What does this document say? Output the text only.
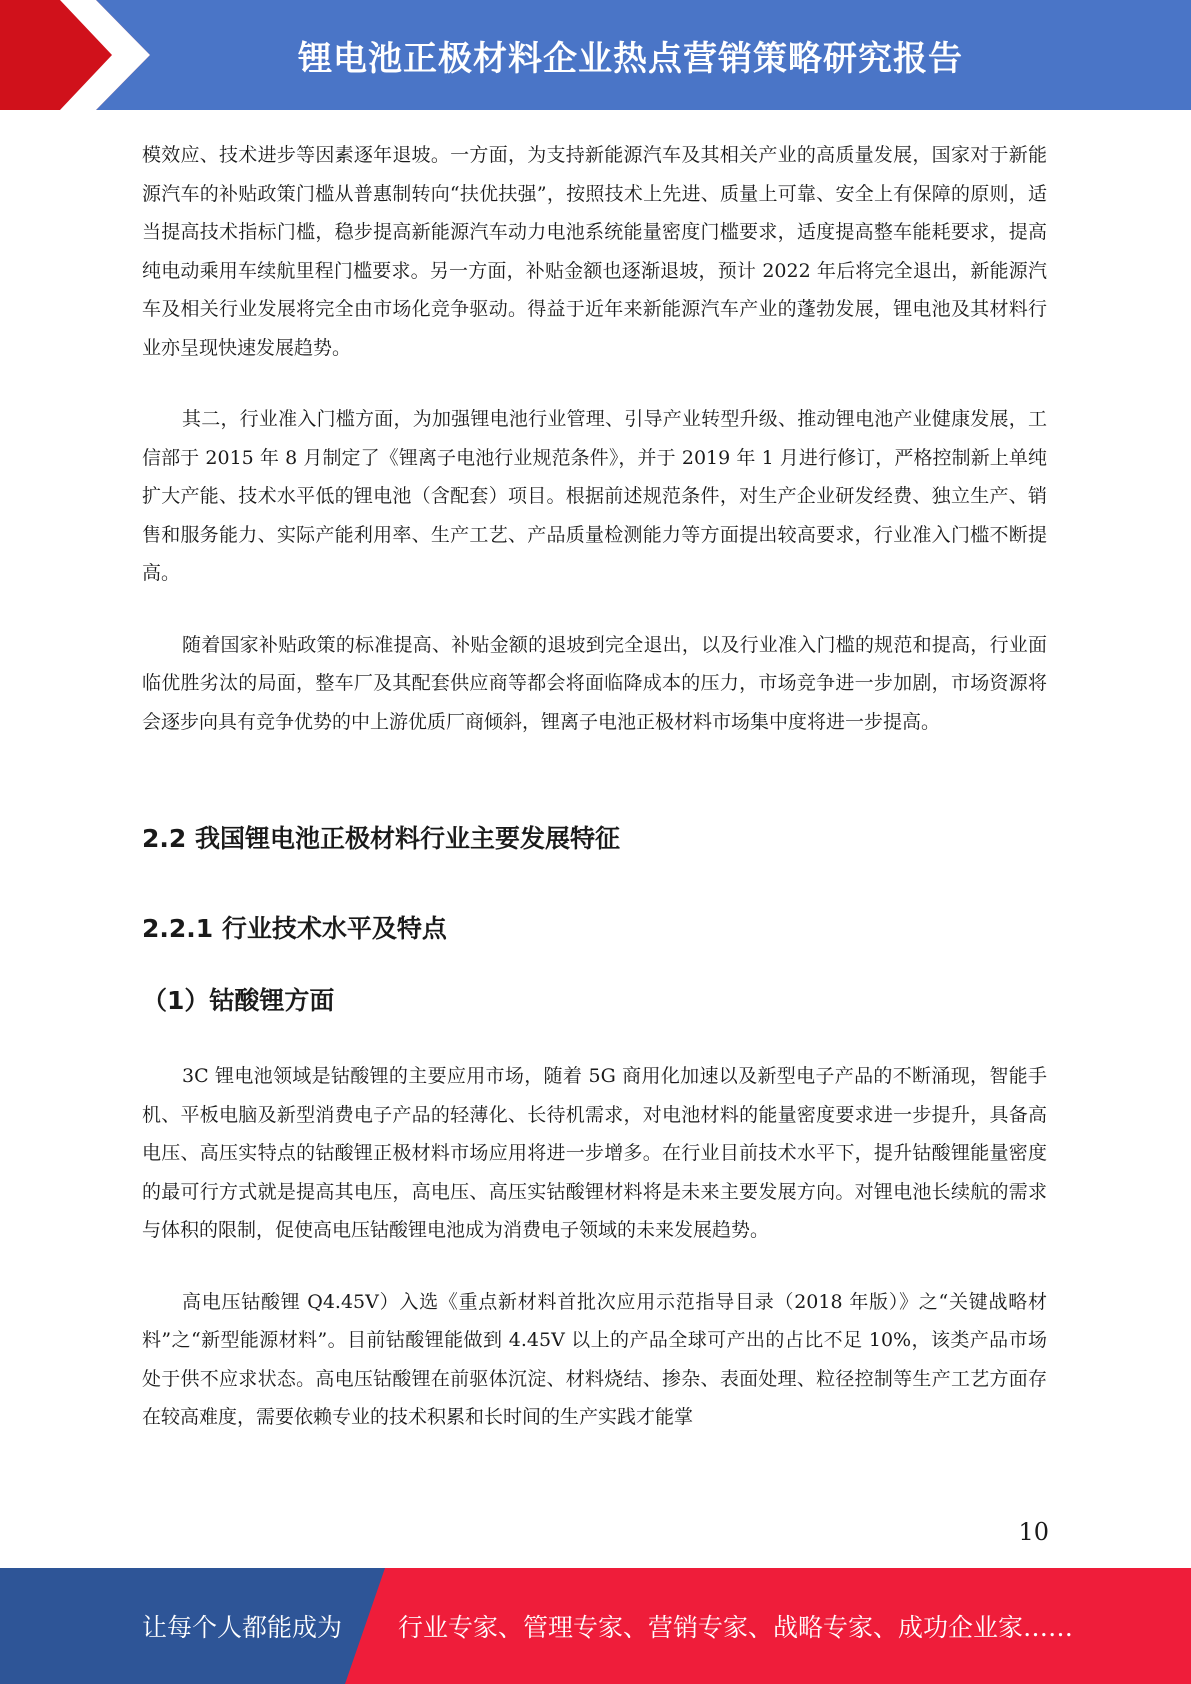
锂电池正极材料企业热点营销策略研究报告

模效应、技术进步等因素逐年退坡。一方面，为支持新能源汽车及其相关产业的高质量发展，国家对于新能源汽车的补贴政策门槛从普惠制转向“扶优扶强”，按照技术上先进、质量上可靠、安全上有保障的原则，适当提高技术指标门槛，稳步提高新能源汽车动力电池系统能量密度门槛要求，适度提高整车能耗要求，提高纯电动乘用车续航里程门槛要求。另一方面，补贴金额也逐渐退坡，预计 2022 年后将完全退出，新能源汽车及相关行业发展将完全由市场化竞争驱动。得益于近年来新能源汽车产业的蓬勃发展，锂电池及其材料行业亦呈现快速发展趋势。

其二，行业准入门槛方面，为加强锂电池行业管理、引导产业转型升级、推动锂电池产业健康发展，工信部于 2015 年 8 月制定了《锂离子电池行业规范条件》，并于 2019 年 1 月进行修订，严格控制新上单纯扩大产能、技术水平低的锂电池（含配套）项目。根据前述规范条件，对生产企业研发经费、独立生产、销售和服务能力、实际产能利用率、生产工艺、产品质量检测能力等方面提出较高要求，行业准入门槛不断提高。

随着国家补贴政策的标准提高、补贴金额的退坡到完全退出，以及行业准入门槛的规范和提高，行业面临优胜劣汰的局面，整车厂及其配套供应商等都会将面临降成本的压力，市场竞争进一步加剧，市场资源将会逐步向具有竞争优势的中上游优质厂商倾斜，锂离子电池正极材料市场集中度将进一步提高。

2.2 我国锂电池正极材料行业主要发展特征
2.2.1 行业技术水平及特点
（1）钴酸锂方面

3C 锂电池领域是钴酸锂的主要应用市场，随着 5G 商用化加速以及新型电子产品的不断涌现，智能手机、平板电脑及新型消费电子产品的轻薄化、长待机需求，对电池材料的能量密度要求进一步提升，具备高电压、高压实特点的钴酸锂正极材料市场应用将进一步增多。在行业目前技术水平下，提升钴酸锂能量密度的最可行方式就是提高其电压，高电压、高压实钴酸锂材料将是未来主要发展方向。对锂电池长续航的需求与体积的限制，促使高电压钴酸锂电池成为消费电子领域的未来发展趋势。

高电压钴酸锂 Q4.45V）入选《重点新材料首批次应用示范指导目录（2018 年版）》之“关键战略材料”之“新型能源材料”。目前钴酸锂能做到 4.45V 以上的产品全球可产出的占比不足 10%，该类产品市场处于供不应求状态。高电压钴酸锂在前驱体沉淀、材料烧结、掺杂、表面处理、粒径控制等生产工艺方面存在较高难度，需要依赖专业的技术积累和长时间的生产实践才能掌

10
让每个人都能成为 行业专家、管理专家、营销专家、战略专家、成功企业家……
